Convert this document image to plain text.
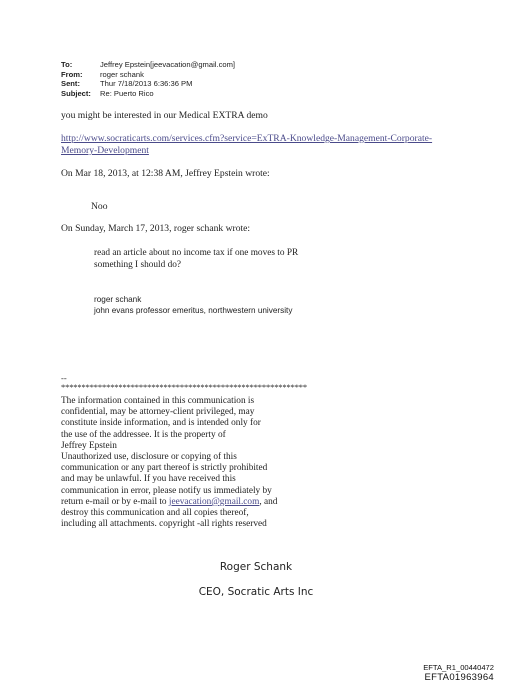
To:	Jeffrey Epstein[jeevacation@gmail.com]
From:	roger schank
Sent:	Thur 7/18/2013 6:36:36 PM
Subject:	Re: Puerto Rico
you might be interested in our Medical EXTRA demo
http://www.socraticarts.com/services.cfm?service=ExTRA-Knowledge-Management-Corporate-
Memory-Development
On Mar 18, 2013, at 12:38 AM, Jeffrey Epstein wrote:
Noo
On Sunday, March 17, 2013, roger schank wrote:
read an article about no income tax if one moves to PR
something I should do?
roger schank
john evans professor emeritus, northwestern university
--
************************************************************
The information contained in this communication is
confidential, may be attorney-client privileged, may
constitute inside information, and is intended only for
the use of the addressee. It is the property of
Jeffrey Epstein
Unauthorized use, disclosure or copying of this
communication or any part thereof is strictly prohibited
and may be unlawful. If you have received this
communication in error, please notify us immediately by
return e-mail or by e-mail to jeevacation@gmail.com, and
destroy this communication and all copies thereof,
including all attachments. copyright -all rights reserved
Roger Schank
CEO, Socratic Arts Inc
EFTA_R1_00440472
EFTA01963964
